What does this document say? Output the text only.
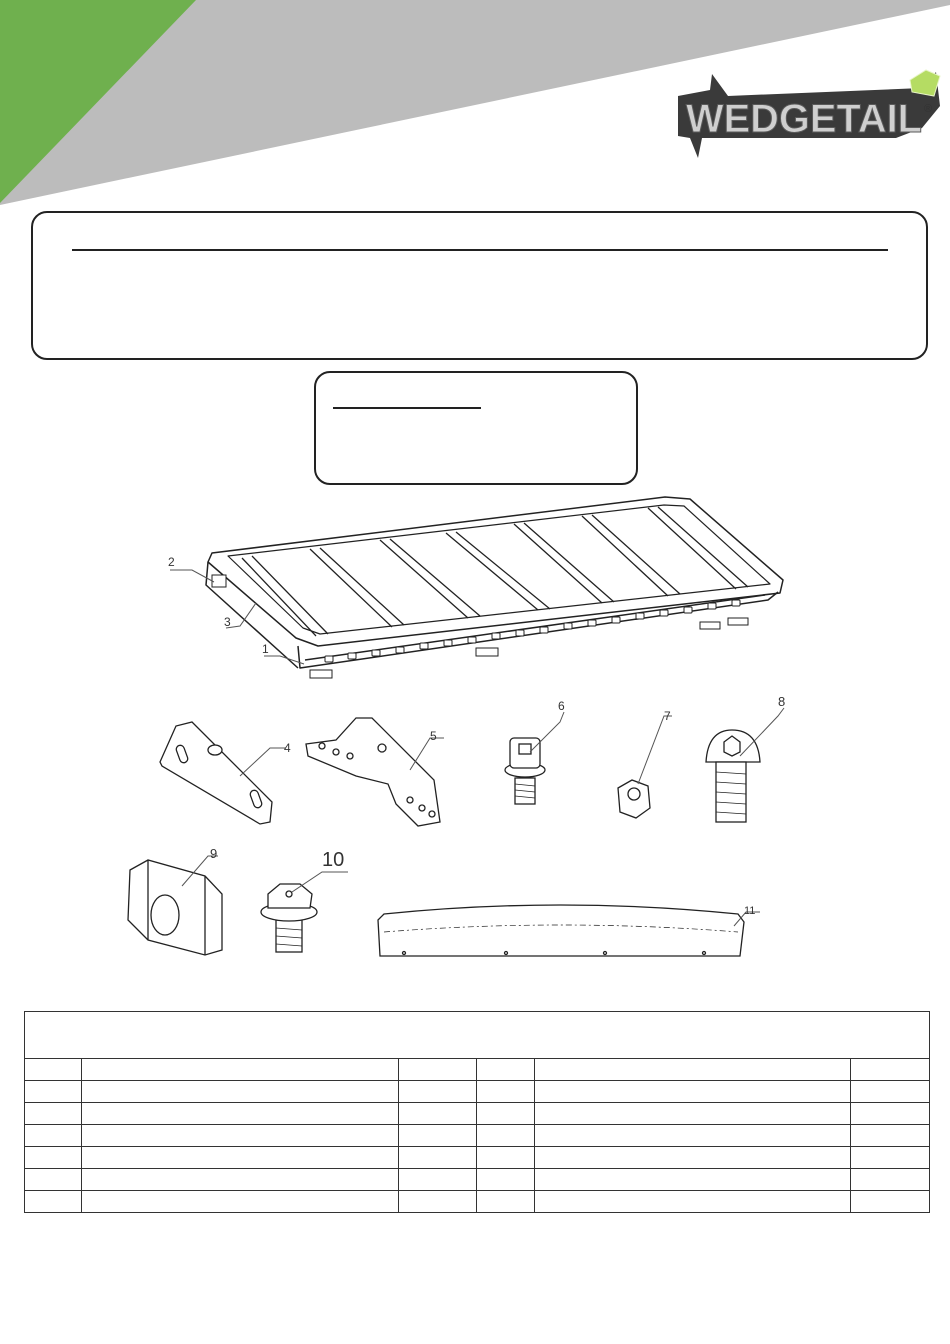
WEDGETAIL ®
2
3
1
4
5
6
7
8
9	10
11
